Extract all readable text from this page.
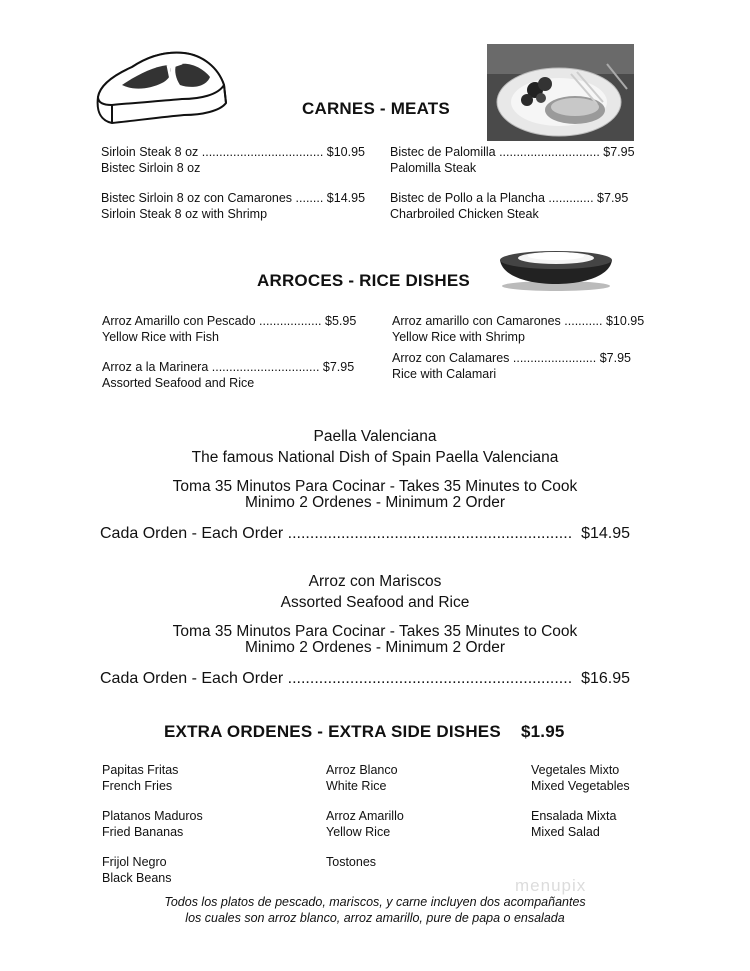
CARNES - MEATS
Sirloin Steak 8 oz ................................... $10.95
Bistec Sirloin 8 oz
Bistec de Palomilla ............................. $7.95
Palomilla Steak
Bistec Sirloin 8 oz con Camarones ........ $14.95
Sirloin Steak 8 oz with Shrimp
Bistec de Pollo a la Plancha ............. $7.95
Charbroiled Chicken Steak
ARROCES - RICE DISHES
Arroz Amarillo con Pescado .................. $5.95
Yellow Rice with Fish
Arroz amarillo con Camarones ........... $10.95
Yellow Rice with Shrimp
Arroz a la Marinera ............................... $7.95
Assorted Seafood and Rice
Arroz con Calamares ........................ $7.95
Rice with Calamari
Paella Valenciana
The famous National Dish of Spain Paella Valenciana
Toma 35 Minutos Para Cocinar - Takes 35 Minutes to Cook
Minimo 2 Ordenes - Minimum 2 Order
Cada Orden - Each Order ................................................................ $14.95
Arroz con Mariscos
Assorted Seafood and Rice
Toma 35 Minutos Para Cocinar - Takes 35 Minutes to Cook
Minimo 2 Ordenes - Minimum 2 Order
Cada Orden - Each Order ................................................................ $16.95
EXTRA ORDENES - EXTRA SIDE DISHES $1.95
Papitas Fritas
French Fries
Arroz Blanco
White Rice
Vegetales Mixto
Mixed Vegetables
Platanos Maduros
Fried Bananas
Arroz Amarillo
Yellow Rice
Ensalada Mixta
Mixed Salad
Frijol Negro
Black Beans
Tostones
menupix
Todos los platos de pescado, mariscos, y carne incluyen dos acompañantes
los cuales son arroz blanco, arroz amarillo, pure de papa o ensalada
